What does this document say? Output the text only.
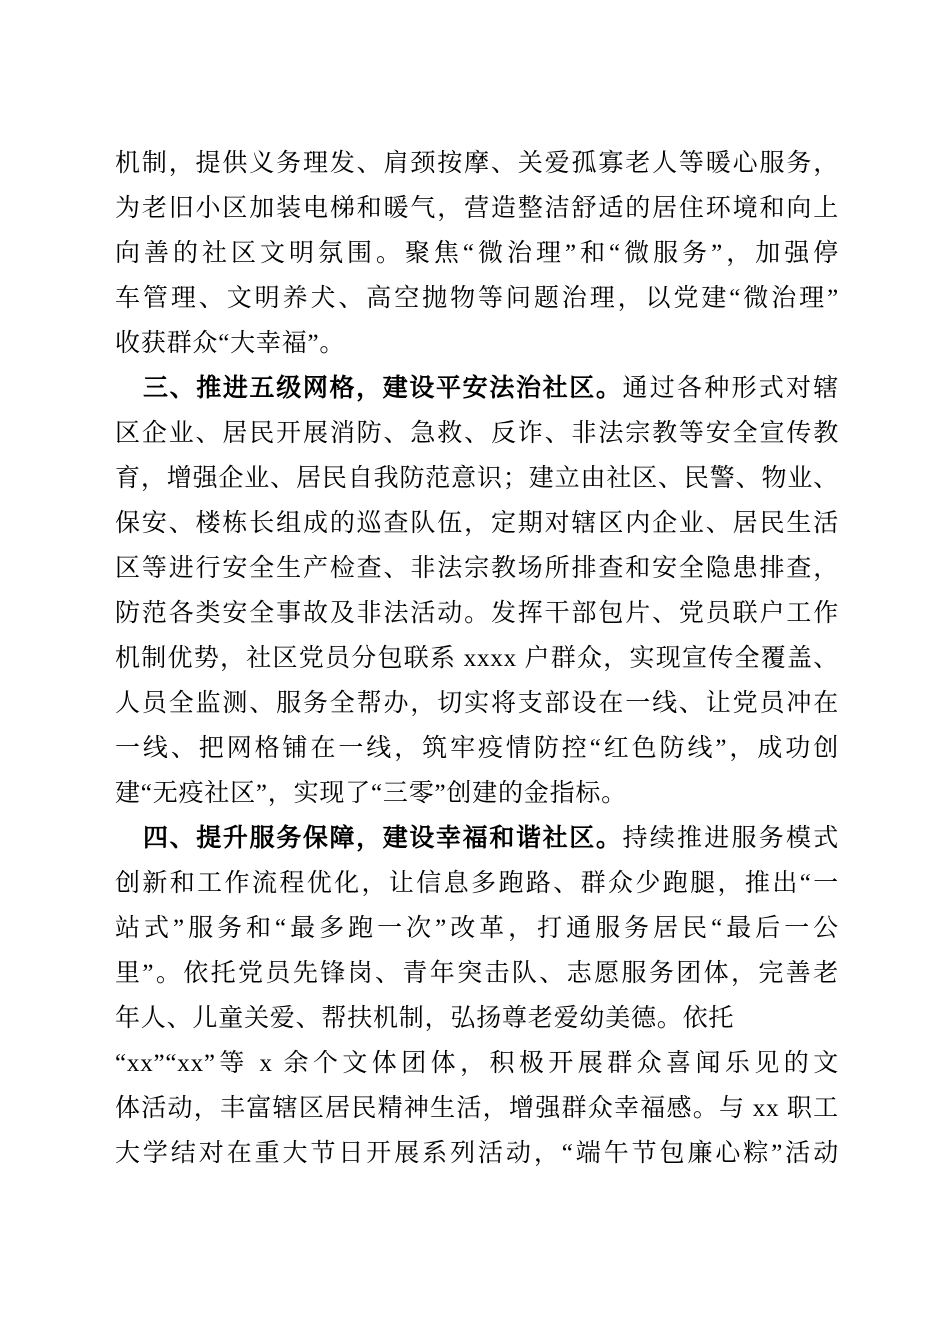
机制，提供义务理发、肩颈按摩、关爱孤寡老人等暖心服务，
为老旧小区加装电梯和暖气，营造整洁舒适的居住环境和向上
向善的社区文明氛围。聚焦“微治理”和“微服务”，加强停
车管理、文明养犬、高空抛物等问题治理，以党建“微治理”
收获群众“大幸福”。
三、推进五级网格，建设平安法治社区。通过各种形式对辖
区企业、居民开展消防、急救、反诈、非法宗教等安全宣传教
育，增强企业、居民自我防范意识；建立由社区、民警、物业、
保安、楼栋长组成的巡查队伍，定期对辖区内企业、居民生活
区等进行安全生产检查、非法宗教场所排查和安全隐患排查，
防范各类安全事故及非法活动。发挥干部包片、党员联户工作
机制优势，社区党员分包联系 xxxx 户群众，实现宣传全覆盖、
人员全监测、服务全帮办，切实将支部设在一线、让党员冲在
一线、把网格铺在一线，筑牢疫情防控“红色防线”，成功创
建“无疫社区”，实现了“三零”创建的金指标。
四、提升服务保障，建设幸福和谐社区。持续推进服务模式
创新和工作流程优化，让信息多跑路、群众少跑腿，推出“一
站式”服务和“最多跑一次”改革，打通服务居民“最后一公
里”。依托党员先锋岗、青年突击队、志愿服务团体，完善老
年人、儿童关爱、帮扶机制，弘扬尊老爱幼美德。依托
“xx”“xx”等 x 余个文体团体，积极开展群众喜闻乐见的文
体活动，丰富辖区居民精神生活，增强群众幸福感。与 xx 职工
大学结对在重大节日开展系列活动，“端午节包廉心粽”活动
